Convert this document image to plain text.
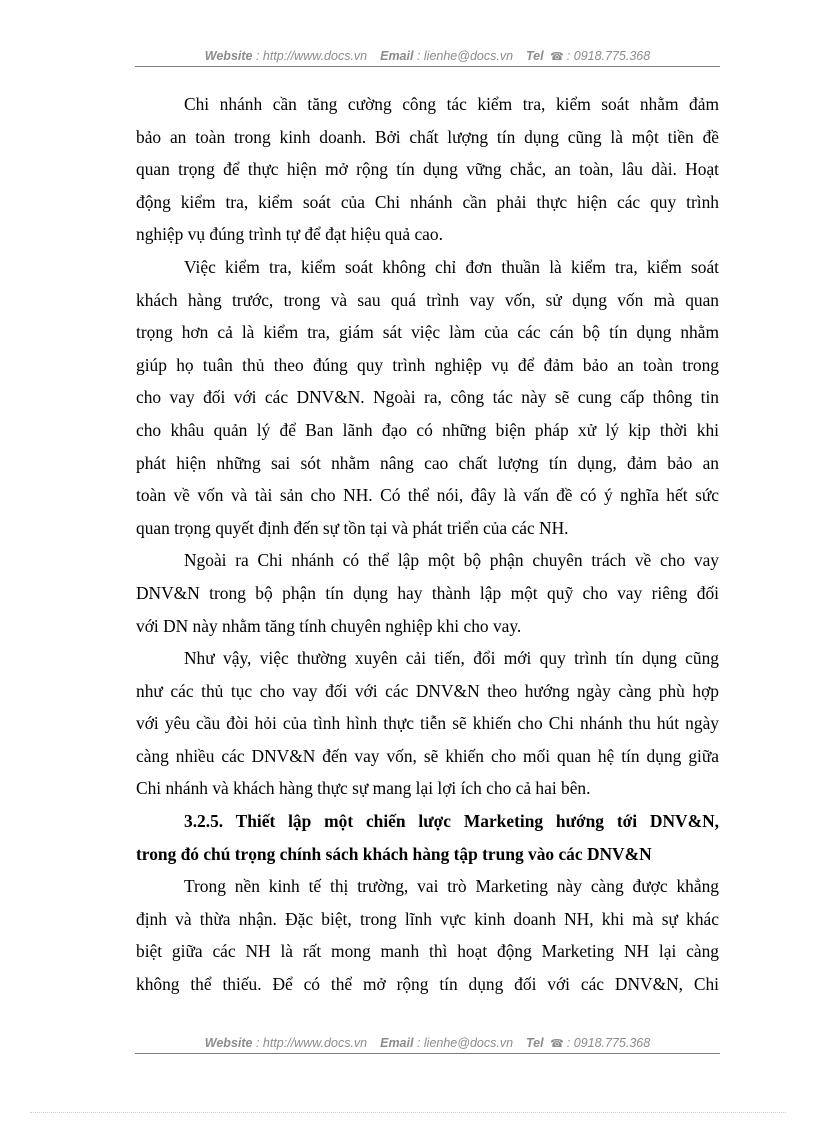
Website : http://www.docs.vn Email : lienhe@docs.vn Tel ☎ : 0918.775.368
Chi nhánh cần tăng cường công tác kiểm tra, kiểm soát nhằm đảm
bảo an toàn trong kinh doanh. Bởi chất lượng tín dụng cũng là một tiền đề
quan trọng để thực hiện mở rộng tín dụng vững chắc, an toàn, lâu dài. Hoạt
động kiểm tra, kiểm soát của Chi nhánh cần phải thực hiện các quy trình
nghiệp vụ đúng trình tự để đạt hiệu quả cao.
Việc kiểm tra, kiểm soát không chỉ đơn thuần là kiểm tra, kiểm soát
khách hàng trước, trong và sau quá trình vay vốn, sử dụng vốn mà quan
trọng hơn cả là kiểm tra, giám sát việc làm của các cán bộ tín dụng nhằm
giúp họ tuân thủ theo đúng quy trình nghiệp vụ để đảm bảo an toàn trong
cho vay đối với các DNV&N. Ngoài ra, công tác này sẽ cung cấp thông tin
cho khâu quản lý để Ban lãnh đạo có những biện pháp xử lý kịp thời khi
phát hiện những sai sót nhằm nâng cao chất lượng tín dụng, đảm bảo an
toàn về vốn và tài sản cho NH. Có thể nói, đây là vấn đề có ý nghĩa hết sức
quan trọng quyết định đến sự tồn tại và phát triển của các NH.
Ngoài ra Chi nhánh có thể lập một bộ phận chuyên trách về cho vay
DNV&N trong bộ phận tín dụng hay thành lập một quỹ cho vay riêng đối
với DN này nhằm tăng tính chuyên nghiệp khi cho vay.
Như vậy, việc thường xuyên cải tiến, đổi mới quy trình tín dụng cũng
như các thủ tục cho vay đối với các DNV&N theo hướng ngày càng phù hợp
với yêu cầu đòi hỏi của tình hình thực tiễn sẽ khiến cho Chi nhánh thu hút ngày
càng nhiều các DNV&N đến vay vốn, sẽ khiến cho mối quan hệ tín dụng giữa
Chi nhánh và khách hàng thực sự mang lại lợi ích cho cả hai bên.
3.2.5. Thiết lập một chiến lược Marketing hướng tới DNV&N,
trong đó chú trọng chính sách khách hàng tập trung vào các DNV&N
Trong nền kinh tế thị trường, vai trò Marketing này càng được khẳng
định và thừa nhận. Đặc biệt, trong lĩnh vực kinh doanh NH, khi mà sự khác
biệt giữa các NH là rất mong manh thì hoạt động Marketing NH lại càng
không thể thiếu. Để có thể mở rộng tín dụng đối với các DNV&N, Chi
Website : http://www.docs.vn Email : lienhe@docs.vn Tel ☎ : 0918.775.368
